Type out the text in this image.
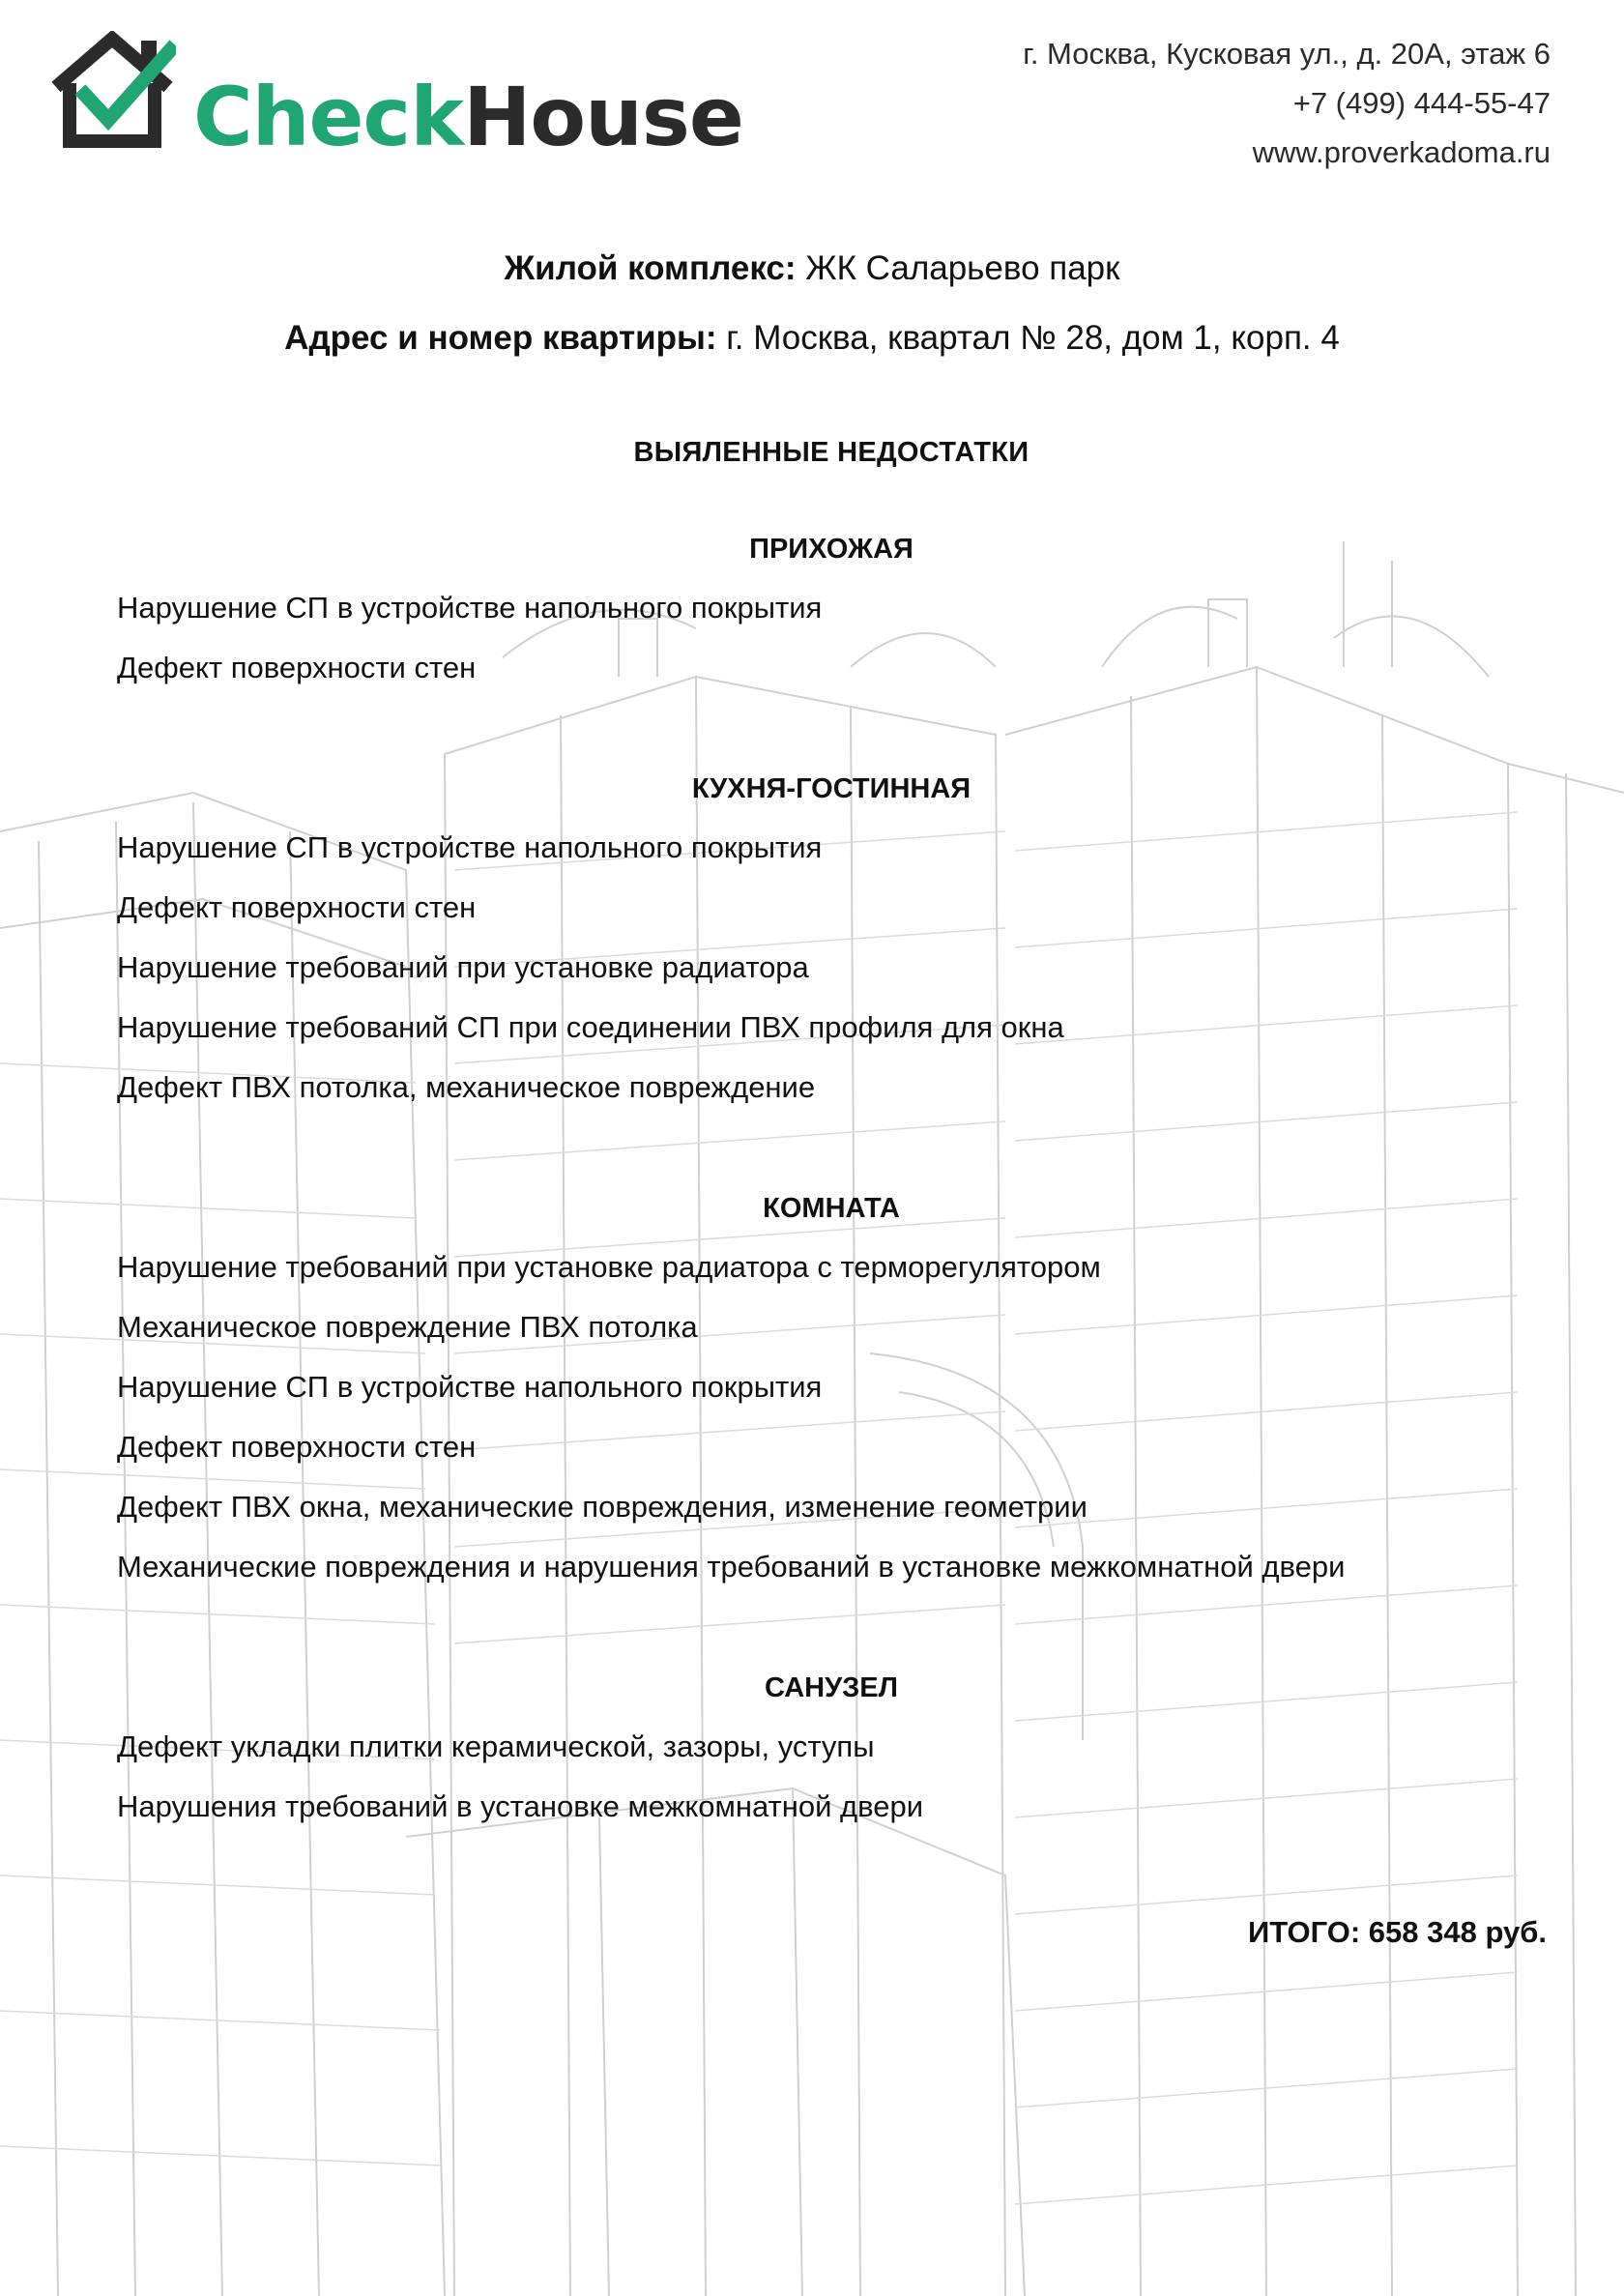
CheckHouse
г. Москва, Кусковая ул., д. 20А, этаж 6
+7 (499) 444-55-47
www.proverkadoma.ru
Жилой комплекс: ЖК Саларьево парк
Адрес и номер квартиры: г. Москва, квартал № 28, дом 1, корп. 4
ВЫЯЛЕННЫЕ НЕДОСТАТКИ
ПРИХОЖАЯ
Нарушение СП в устройстве напольного покрытия
Дефект поверхности стен
КУХНЯ-ГОСТИННАЯ
Нарушение СП в устройстве напольного покрытия
Дефект поверхности стен
Нарушение требований при установке радиатора
Нарушение требований СП при соединении ПВХ профиля для окна
Дефект ПВХ потолка, механическое повреждение
КОМНАТА
Нарушение требований при установке радиатора с терморегулятором
Механическое повреждение ПВХ потолка
Нарушение СП в устройстве напольного покрытия
Дефект поверхности стен
Дефект ПВХ окна, механические повреждения, изменение геометрии
Механические повреждения и нарушения требований в установке межкомнатной двери
САНУЗЕЛ
Дефект укладки плитки керамической, зазоры, уступы
Нарушения требований в установке межкомнатной двери
ИТОГО: 658 348 руб.
